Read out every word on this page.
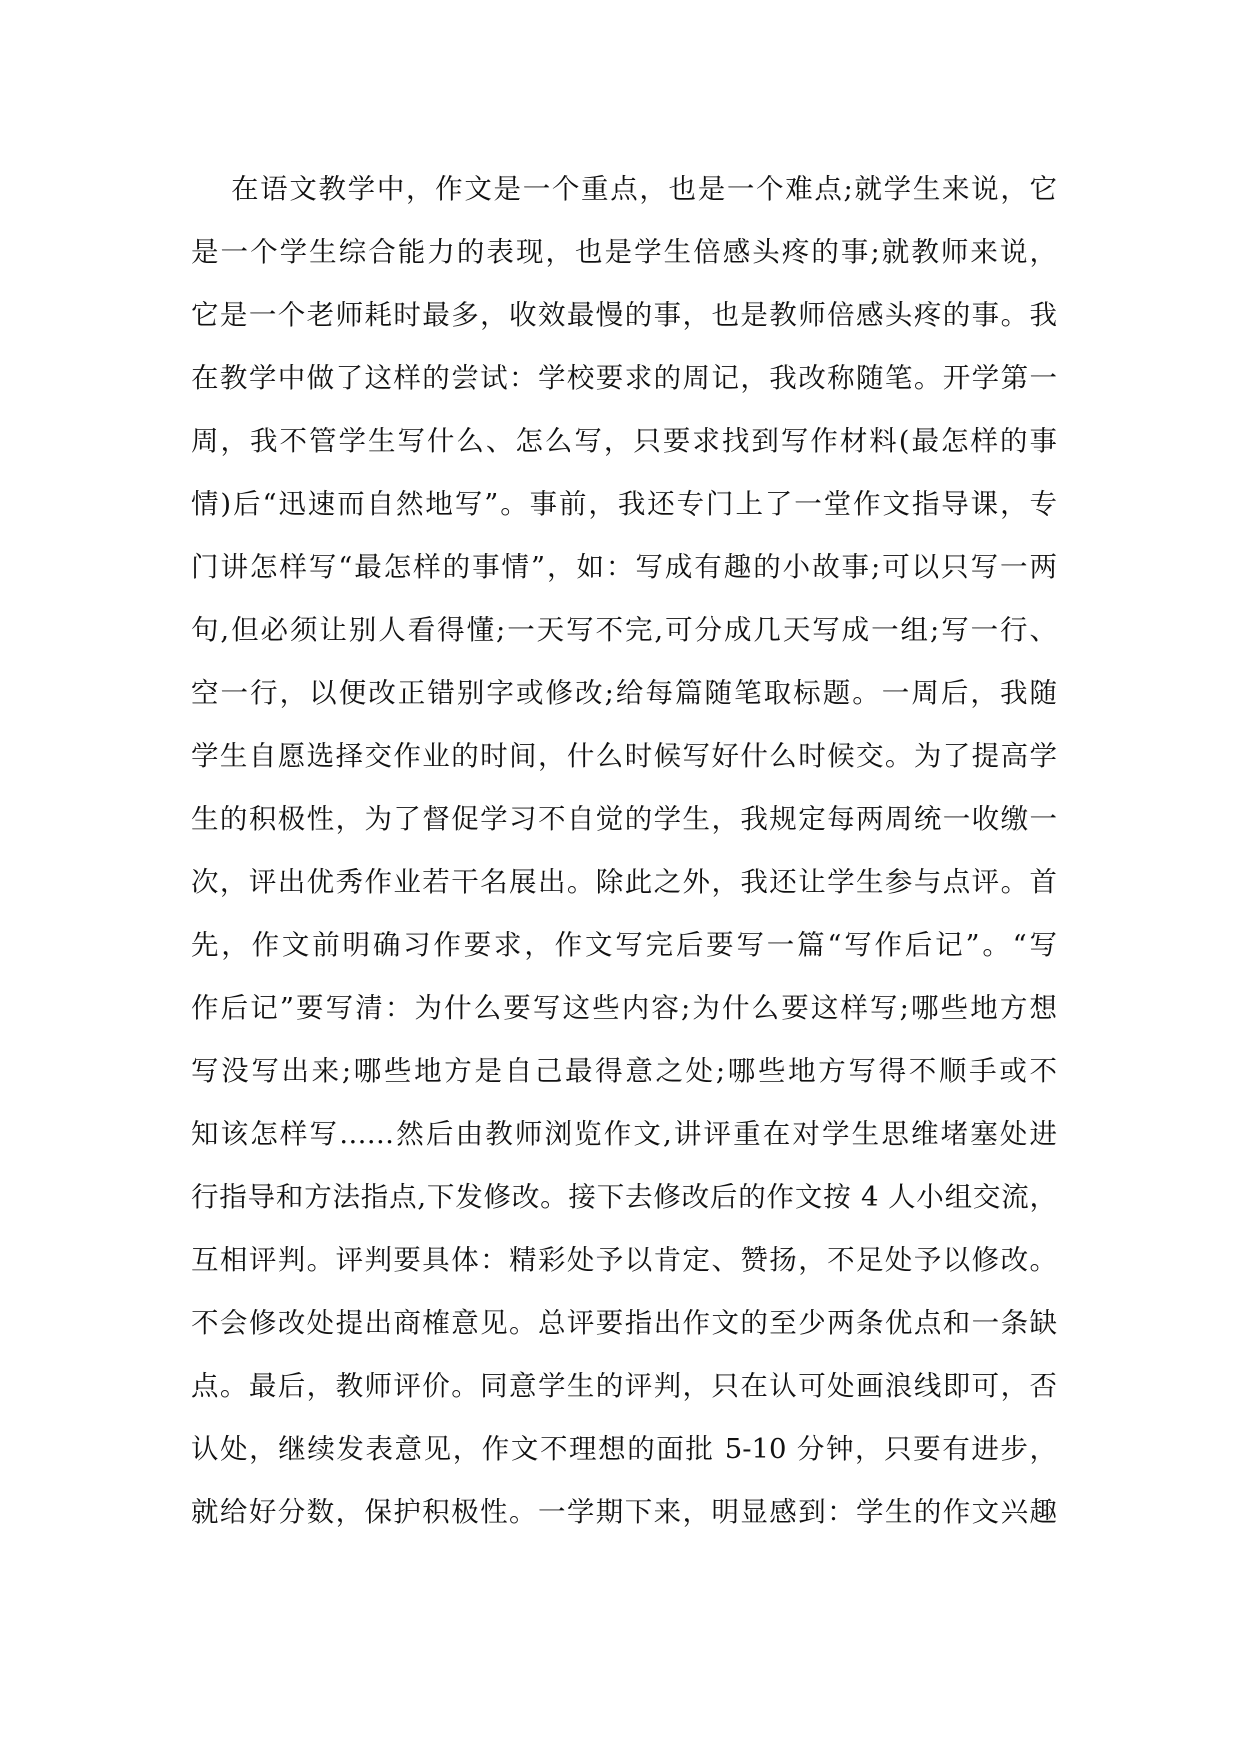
在语文教学中，作文是一个重点，也是一个难点;就学生来说，它
是一个学生综合能力的表现，也是学生倍感头疼的事;就教师来说，
它是一个老师耗时最多，收效最慢的事，也是教师倍感头疼的事。我
在教学中做了这样的尝试：学校要求的周记，我改称随笔。开学第一
周，我不管学生写什么、怎么写，只要求找到写作材料(最怎样的事
情)后“迅速而自然地写”。事前，我还专门上了一堂作文指导课，专
门讲怎样写“最怎样的事情”，如：写成有趣的小故事;可以只写一两
句,但必须让别人看得懂;一天写不完,可分成几天写成一组;写一行、
空一行，以便改正错别字或修改;给每篇随笔取标题。一周后，我随
学生自愿选择交作业的时间，什么时候写好什么时候交。为了提高学
生的积极性，为了督促学习不自觉的学生，我规定每两周统一收缴一
次，评出优秀作业若干名展出。除此之外，我还让学生参与点评。首
先，作文前明确习作要求，作文写完后要写一篇“写作后记”。“写
作后记”要写清：为什么要写这些内容;为什么要这样写;哪些地方想
写没写出来;哪些地方是自己最得意之处;哪些地方写得不顺手或不
知该怎样写……然后由教师浏览作文,讲评重在对学生思维堵塞处进
行指导和方法指点,下发修改。接下去修改后的作文按 4 人小组交流，
互相评判。评判要具体：精彩处予以肯定、赞扬，不足处予以修改。
不会修改处提出商榷意见。总评要指出作文的至少两条优点和一条缺
点。最后，教师评价。同意学生的评判，只在认可处画浪线即可，否
认处，继续发表意见，作文不理想的面批 5-10 分钟，只要有进步，
就给好分数，保护积极性。一学期下来，明显感到：学生的作文兴趣
